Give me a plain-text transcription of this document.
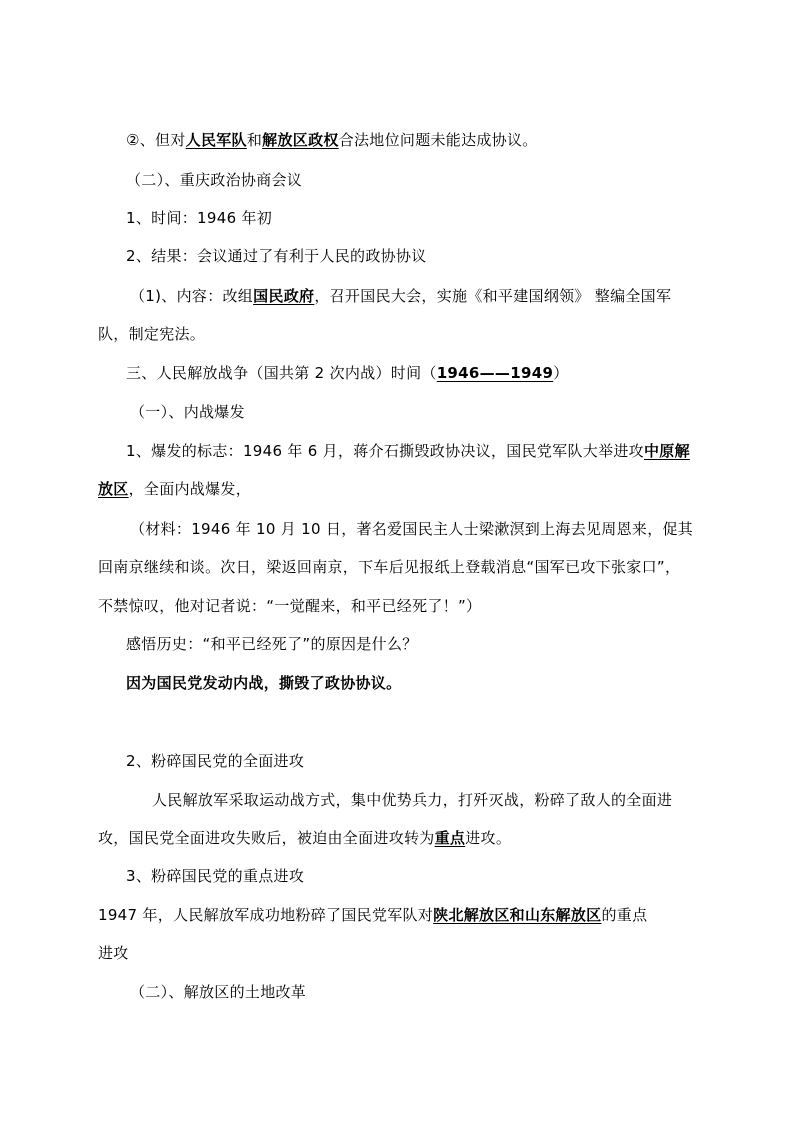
②、但对人民军队和解放区政权合法地位问题未能达成协议。
（二）、重庆政治协商会议
1、时间：1946 年初
2、结果：会议通过了有利于人民的政协协议
（1)、内容：改组国民政府，召开国民大会，实施《和平建国纲领》 整编全国军
队，制定宪法。
三、人民解放战争（国共第 2 次内战）时间（1946——1949）
（一）、内战爆发
1、爆发的标志：1946 年 6 月，蒋介石撕毁政协决议，国民党军队大举进攻中原解
放区，全面内战爆发，
（材料：1946 年 10 月 10 日，著名爱国民主人士梁漱溟到上海去见周恩来，促其
回南京继续和谈。次日，梁返回南京，下车后见报纸上登载消息“国军已攻下张家口”，
不禁惊叹，他对记者说：“一觉醒来，和平已经死了！”）
感悟历史：“和平已经死了”的原因是什么？
因为国民党发动内战，撕毁了政协协议。
2、粉碎国民党的全面进攻
人民解放军采取运动战方式，集中优势兵力，打歼灭战，粉碎了敌人的全面进
攻，国民党全面进攻失败后，被迫由全面进攻转为重点进攻。
3、粉碎国民党的重点进攻
1947 年，人民解放军成功地粉碎了国民党军队对陕北解放区和山东解放区的重点
进攻
（二）、解放区的土地改革
